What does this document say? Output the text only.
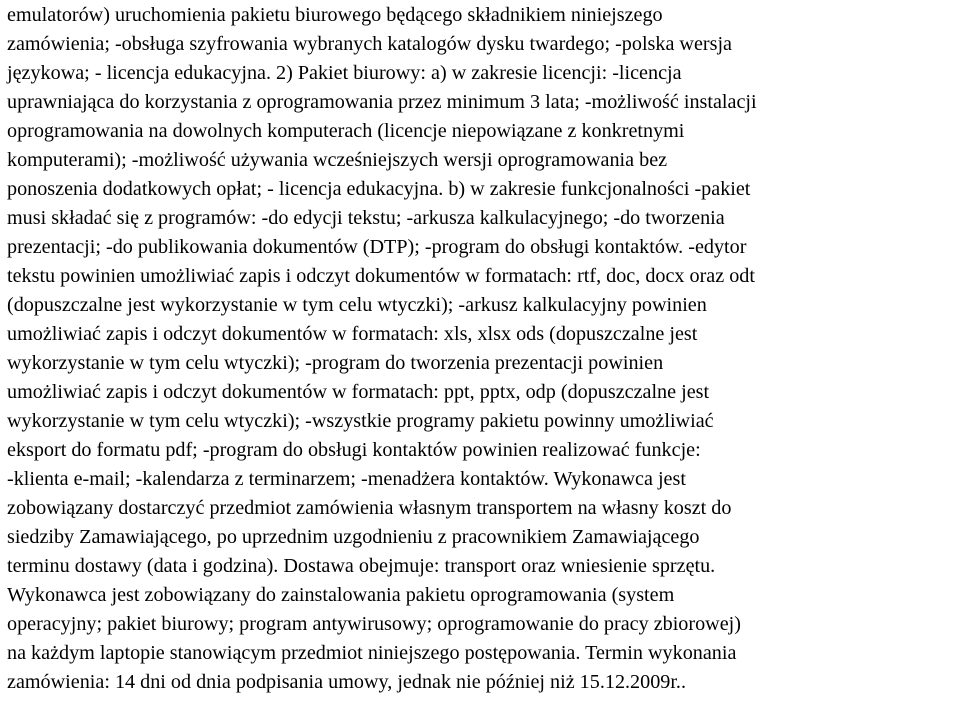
emulatorów) uruchomienia pakietu biurowego będącego składnikiem niniejszego
zamówienia; -obsługa szyfrowania wybranych katalogów dysku twardego; -polska wersja
językowa; - licencja edukacyjna. 2) Pakiet biurowy: a) w zakresie licencji: -licencja
uprawniająca do korzystania z oprogramowania przez minimum 3 lata; -możliwość instalacji
oprogramowania na dowolnych komputerach (licencje niepowiązane z konkretnymi
komputerami); -możliwość używania wcześniejszych wersji oprogramowania bez
ponoszenia dodatkowych opłat; - licencja edukacyjna. b) w zakresie funkcjonalności -pakiet
musi składać się z programów: -do edycji tekstu; -arkusza kalkulacyjnego; -do tworzenia
prezentacji; -do publikowania dokumentów (DTP); -program do obsługi kontaktów. -edytor
tekstu powinien umożliwiać zapis i odczyt dokumentów w formatach: rtf, doc, docx oraz odt
(dopuszczalne jest wykorzystanie w tym celu wtyczki); -arkusz kalkulacyjny powinien
umożliwiać zapis i odczyt dokumentów w formatach: xls, xlsx ods (dopuszczalne jest
wykorzystanie w tym celu wtyczki); -program do tworzenia prezentacji powinien
umożliwiać zapis i odczyt dokumentów w formatach: ppt, pptx, odp (dopuszczalne jest
wykorzystanie w tym celu wtyczki); -wszystkie programy pakietu powinny umożliwiać
eksport do formatu pdf; -program do obsługi kontaktów powinien realizować funkcje:
-klienta e-mail; -kalendarza z terminarzem; -menadżera kontaktów. Wykonawca jest
zobowiązany dostarczyć przedmiot zamówienia własnym transportem na własny koszt do
siedziby Zamawiającego, po uprzednim uzgodnieniu z pracownikiem Zamawiającego
terminu dostawy (data i godzina). Dostawa obejmuje: transport oraz wniesienie sprzętu.
Wykonawca jest zobowiązany do zainstalowania pakietu oprogramowania (system
operacyjny; pakiet biurowy; program antywirusowy; oprogramowanie do pracy zbiorowej)
na każdym laptopie stanowiącym przedmiot niniejszego postępowania. Termin wykonania
zamówienia: 14 dni od dnia podpisania umowy, jednak nie później niż 15.12.2009r..
